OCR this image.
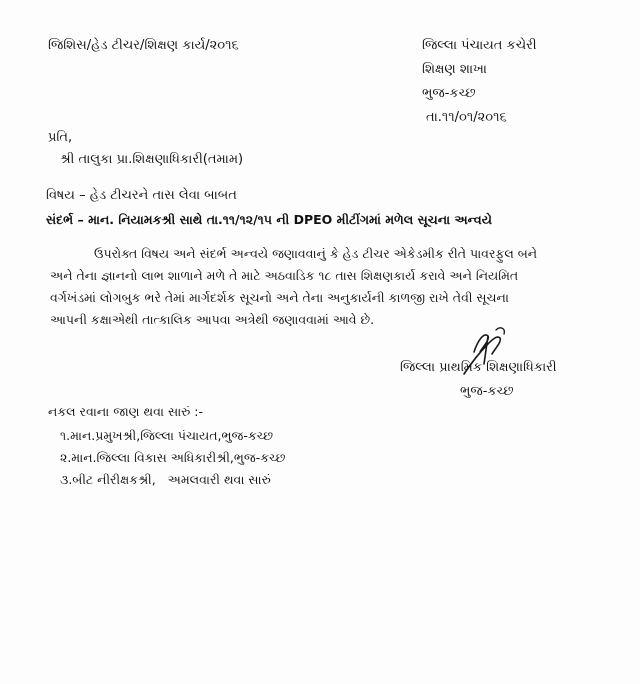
જિશિસ/હેડ ટીચર/શિક્ષણ કાર્ય/૨૦૧૬	જિલ્લા પંચાયત કચેરી
શિક્ષણ શાખા
ભુજ-કચ્છ
તા.૧૧/૦૧/૨૦૧૬
પ્રતિ,
શ્રી તાલુકા પ્રા.શિક્ષણાધિકારી(તમામ)
વિષય – હેડ ટીચરને તાસ લેવા બાબત
સંદર્ભ – માન. નિયામકશ્રી સાથે તા.૧૧/૧૨/૧૫ ની DPEO મીટીંગમાં મળેલ સૂચના અન્વયે
ઉપરોક્ત વિષય અને સંદર્ભ અન્વયે જણાવવાનું કે હેડ ટીચર એકેડમીક રીતે પાવરફુલ બને
અને તેના જ્ઞાનનો લાભ શાળાને મળે તે માટે અઠવાડિક ૧૮ તાસ શિક્ષણકાર્ય કરાવે અને નિયમિત
વર્ગખંડમાં લોગબુક ભરે તેમાં માર્ગદર્શક સૂચનો અને તેના અનુકાર્યની કાળજી રાખે તેવી સૂચના
આપની કક્ષાએથી તાત્કાલિક આપવા અત્રેથી જણાવવામાં આવે છે.
જિલ્લા પ્રાથમિક શિક્ષણાધિકારી
ભુજ-કચ્છ
નકલ રવાના જાણ થવા સારું :-
૧.માન.પ્રમુખશ્રી,જિલ્લા પંચાયત,ભુજ-કચ્છ
૨.માન.જિલ્લા વિકાસ અધિકારીશ્રી,ભુજ-કચ્છ
૩.બીટ નીરીક્ષકશ્રી,   અમલવારી થવા સારું
